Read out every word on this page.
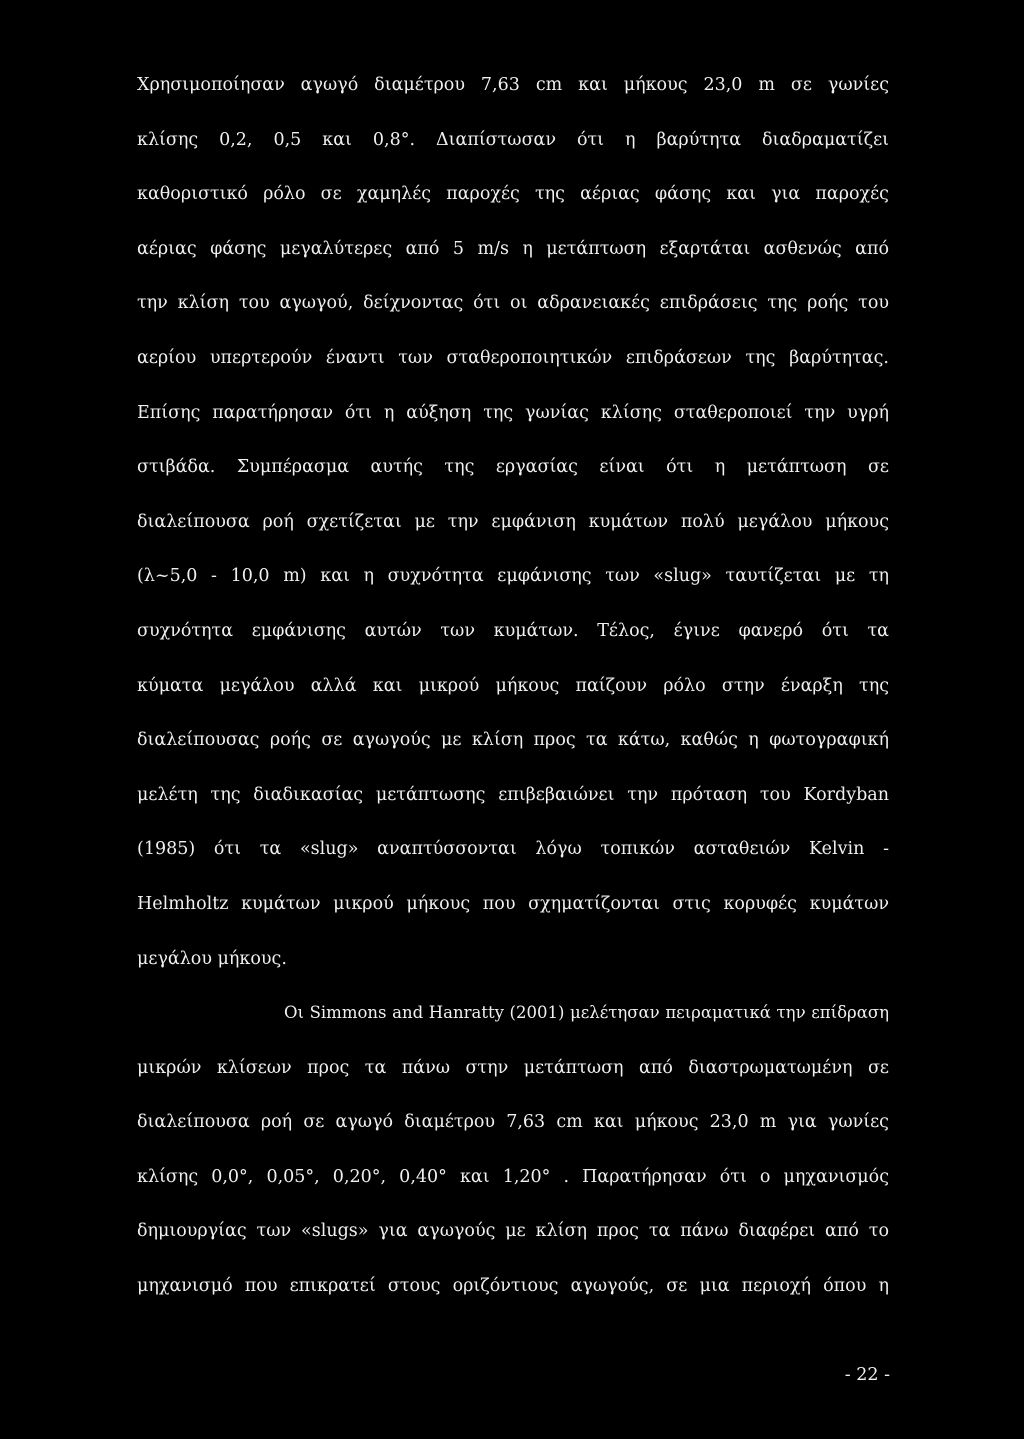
Χρησιμοποίησαν αγωγό διαμέτρου 7,63 cm και μήκους 23,0 m σε γωνίες
κλίσης 0,2, 0,5 και 0,8°. Διαπίστωσαν ότι η βαρύτητα διαδραματίζει
καθοριστικό ρόλο σε χαμηλές παροχές της αέριας φάσης και για παροχές
αέριας φάσης μεγαλύτερες από 5 m/s η μετάπτωση εξαρτάται ασθενώς από
την κλίση του αγωγού, δείχνοντας ότι οι αδρανειακές επιδράσεις της ροής του
αερίου υπερτερούν έναντι των σταθεροποιητικών επιδράσεων της βαρύτητας.
Επίσης παρατήρησαν ότι η αύξηση της γωνίας κλίσης σταθεροποιεί την υγρή
στιβάδα. Συμπέρασμα αυτής της εργασίας είναι ότι η μετάπτωση σε
διαλείπουσα ροή σχετίζεται με την εμφάνιση κυμάτων πολύ μεγάλου μήκους
(λ~5,0 - 10,0 m) και η συχνότητα εμφάνισης των «slug» ταυτίζεται με τη
συχνότητα εμφάνισης αυτών των κυμάτων. Τέλος, έγινε φανερό ότι τα
κύματα μεγάλου αλλά και μικρού μήκους παίζουν ρόλο στην έναρξη της
διαλείπουσας ροής σε αγωγούς με κλίση προς τα κάτω, καθώς η φωτογραφική
μελέτη της διαδικασίας μετάπτωσης επιβεβαιώνει την πρόταση του Kordyban
(1985) ότι τα «slug» αναπτύσσονται λόγω τοπικών ασταθειών Kelvin -
Helmholtz κυμάτων μικρού μήκους που σχηματίζονται στις κορυφές κυμάτων
μεγάλου μήκους.
Οι Simmons and Hanratty (2001) μελέτησαν πειραματικά την επίδραση
μικρών κλίσεων προς τα πάνω στην μετάπτωση από διαστρωματωμένη σε
διαλείπουσα ροή σε αγωγό διαμέτρου 7,63 cm και μήκους 23,0 m για γωνίες
κλίσης 0,0°, 0,05°, 0,20°, 0,40° και 1,20° . Παρατήρησαν ότι ο μηχανισμός
δημιουργίας των «slugs» για αγωγούς με κλίση προς τα πάνω διαφέρει από το
μηχανισμό που επικρατεί στους οριζόντιους αγωγούς, σε μια περιοχή όπου η
- 22 -
